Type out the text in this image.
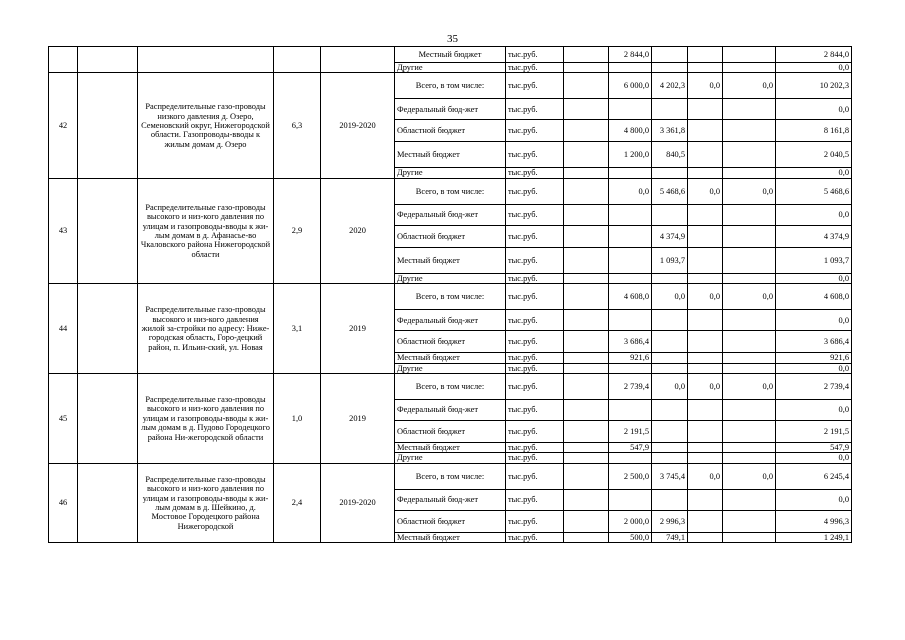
35
					Местный бюджет	тыс.руб.		2 844,0				2 844,0	
					Другие	тыс.руб.						0,0	
42		Распределительные газо-проводы низкого давления д. Озеро, Семеновский округ, Нижегородской области. Газопроводы-вводы к жилым домам д. Озеро	6,3	2019-2020	Всего, в том числе:	тыс.руб.		6 000,0	4 202,3	0,0	0,0	10 202,3	
					Федеральный бюд-жет	тыс.руб.						0,0	
					Областной бюджет	тыс.руб.		4 800,0	3 361,8			8 161,8	
					Местный бюджет	тыс.руб.		1 200,0	840,5			2 040,5	
					Другие	тыс.руб.						0,0	
43		Распределительные газо-проводы высокого и низ-кого давления по улицам и газопроводы-вводы к жи-лым домам в д. Афанасье-во Чкаловского района Нижегородской области	2,9	2020	Всего, в том числе:	тыс.руб.		0,0	5 468,6	0,0	0,0	5 468,6	
					Федеральный бюд-жет	тыс.руб.						0,0	
					Областной бюджет	тыс.руб.			4 374,9			4 374,9	
					Местный бюджет	тыс.руб.			1 093,7			1 093,7	
					Другие	тыс.руб.						0,0	
44		Распределительные газо-проводы высокого и низ-кого давления жилой за-стройки по адресу: Ниже-городская область, Горо-децкий район, п. Ильин-ский, ул. Новая	3,1	2019	Всего, в том числе:	тыс.руб.		4 608,0	0,0	0,0	0,0	4 608,0	
					Федеральный бюд-жет	тыс.руб.						0,0	
					Областной бюджет	тыс.руб.		3 686,4				3 686,4	
					Местный бюджет	тыс.руб.		921,6				921,6	
					Другие	тыс.руб.						0,0	
45		Распределительные газо-проводы высокого и низ-кого давления по улицам и газопроводы-вводы к жи-лым домам в д. Пудово Городецкого района Ни-жегородской области	1,0	2019	Всего, в том числе:	тыс.руб.		2 739,4	0,0	0,0	0,0	2 739,4	
					Федеральный бюд-жет	тыс.руб.						0,0	
					Областной бюджет	тыс.руб.		2 191,5				2 191,5	
					Местный бюджет	тыс.руб.		547,9				547,9	
					Другие	тыс.руб.						0,0	
46		Распределительные газо-проводы высокого и низ-кого давления по улицам и газопроводы-вводы к жи-лым домам в д. Шейкино, д. Мостовое Городецкого района Нижегородской	2,4	2019-2020	Всего, в том числе:	тыс.руб.		2 500,0	3 745,4	0,0	0,0	6 245,4	
					Федеральный бюд-жет	тыс.руб.						0,0	
					Областной бюджет	тыс.руб.		2 000,0	2 996,3			4 996,3	
					Местный бюджет	тыс.руб.		500,0	749,1			1 249,1	
